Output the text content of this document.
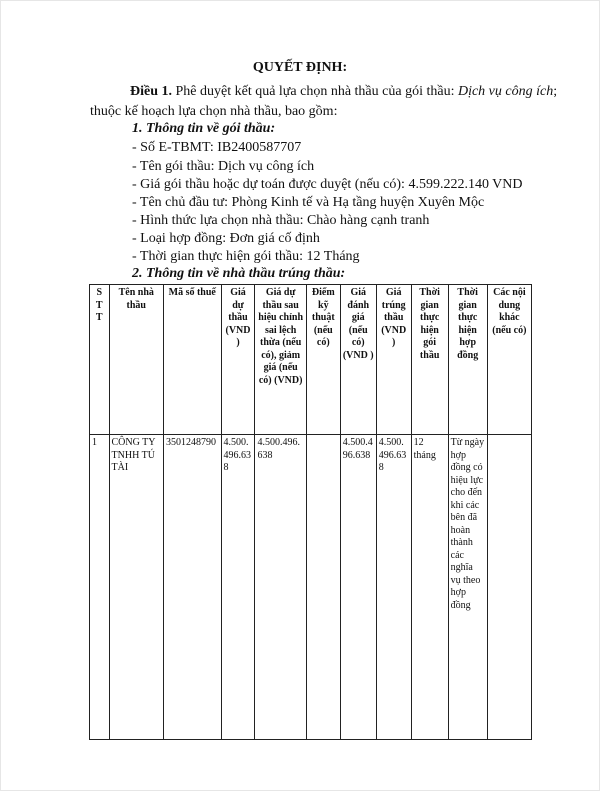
QUYẾT ĐỊNH:
Điều 1. Phê duyệt kết quả lựa chọn nhà thầu của gói thầu: Dịch vụ công ích; thuộc kế hoạch lựa chọn nhà thầu, bao gồm:
1. Thông tin về gói thầu:
- Số E-TBMT: IB2400587707
- Tên gói thầu: Dịch vụ công ích
- Giá gói thầu hoặc dự toán được duyệt (nếu có): 4.599.222.140 VND
- Tên chủ đầu tư: Phòng Kinh tế và Hạ tầng huyện Xuyên Mộc
- Hình thức lựa chọn nhà thầu: Chào hàng cạnh tranh
- Loại hợp đồng: Đơn giá cố định
- Thời gian thực hiện gói thầu: 12 Tháng
2. Thông tin về nhà thầu trúng thầu:
S T T	Tên nhà thầu	Mã số thuế	Giá dự thầu (VND )	Giá dự thầu sau hiệu chỉnh sai lệch thừa (nếu có), giảm giá (nếu có) (VND)	Điểm kỹ thuật (nếu có)	Giá đánh giá (nếu có) (VND )	Giá trúng thầu (VND )	Thời gian thực hiện gói thầu	Thời gian thực hiện hợp đồng	Các nội dung khác (nếu có)
1	CÔNG TY TNHH TÚ TÀI	3501248790	4.500.496.638	4.500.496.638		4.500.496.638	4.500.496.638	12 tháng	Từ ngày hợp đồng có hiệu lực cho đến khi các bên đã hoàn thành các nghĩa vụ theo hợp đồng	
